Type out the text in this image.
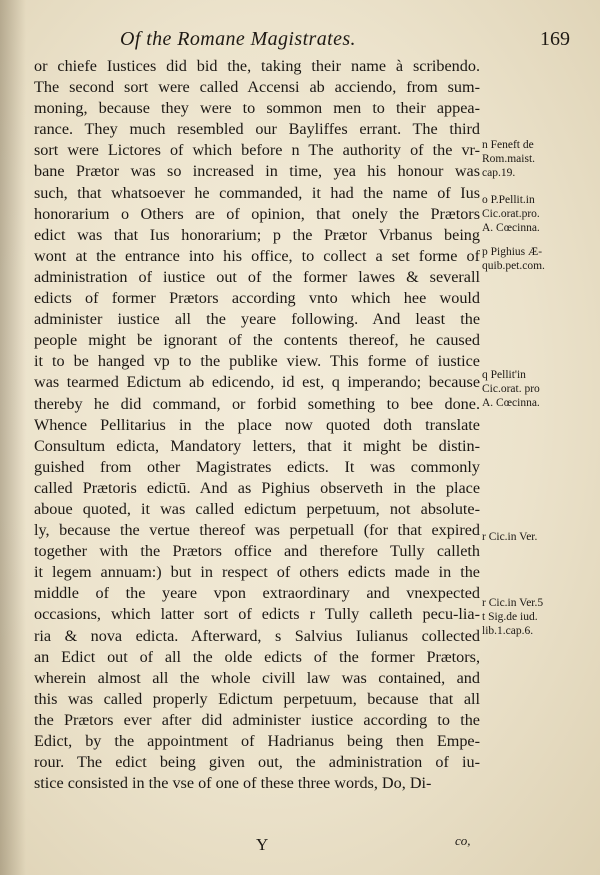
Of the Romane Magistrates.	169
or chiefe Iustices did bid the, taking their name à scribendo.
The second sort were called Accensi ab acciendo, from sum-
moning, because they were to sommon men to their appea-
rance. They much resembled our Bayliffes errant. The third
sort were Lictores of which before n The authority of the vr-
bane Prætor was so increased in time, yea his honour was
such, that whatsoever he commanded, it had the name of Ius
honorarium o Others are of opinion, that onely the Prætors
edict was that Ius honorarium; p the Prætor Vrbanus being
wont at the entrance into his office, to collect a set forme of
administration of iustice out of the former lawes & severall
edicts of former Prætors according vnto which hee would
administer iustice all the yeare following. And least the
people might be ignorant of the contents thereof, he caused
it to be hanged vp to the publike view. This forme of iustice
was tearmed Edictum ab edicendo, id est, q imperando; because
thereby he did command, or forbid something to bee done.
Whence Pellitarius in the place now quoted doth translate
Consultum edicta, Mandatory letters, that it might be distin-
guished from other Magistrates edicts. It was commonly
called Prætoris edictū. And as Pighius observeth in the place
aboue quoted, it was called edictum perpetuum, not absolute-
ly, because the vertue thereof was perpetuall (for that expired
together with the Prætors office and therefore Tully calleth
it legem annuam:) but in respect of others edicts made in the
middle of the yeare vpon extraordinary and vnexpected
occasions, which latter sort of edicts r Tully calleth pecu-lia-
ria & nova edicta. Afterward, s Salvius Iulianus collected
an Edict out of all the olde edicts of the former Prætors,
wherein almost all the whole civill law was contained, and
this was called properly Edictum perpetuum, because that all
the Prætors ever after did administer iustice according to the
Edict, by the appointment of Hadrianus being then Empe-
rour. The edict being given out, the administration of iu-
stice consisted in the vse of one of these three words, Do, Di-
n Feneft de
Rom.maist.
cap.19.
o P.Pellit.in
Cic.orat.pro.
A. Cœcinna.
p Pighius Æ-
quib.pet.com.
q Pellit'in
Cic.orat. pro
A. Cœcinna.
r Cic.in Ver.
r Cic.in Ver.5
t Sig.de iud.
lib.1.cap.6.
Y	co,
